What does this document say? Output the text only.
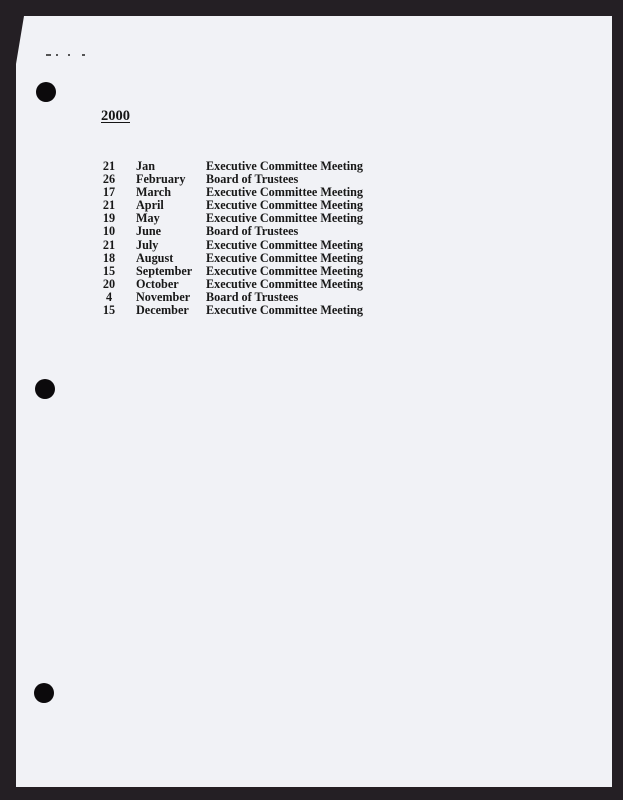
2000
21	Jan	Executive Committee Meeting
26	February	Board of Trustees
17	March	Executive Committee Meeting
21	April	Executive Committee Meeting
19	May	Executive Committee Meeting
10	June	Board of Trustees
21	July	Executive Committee Meeting
18	August	Executive Committee Meeting
15	September	Executive Committee Meeting
20	October	Executive Committee Meeting
4	November	Board of Trustees
15	December	Executive Committee Meeting
